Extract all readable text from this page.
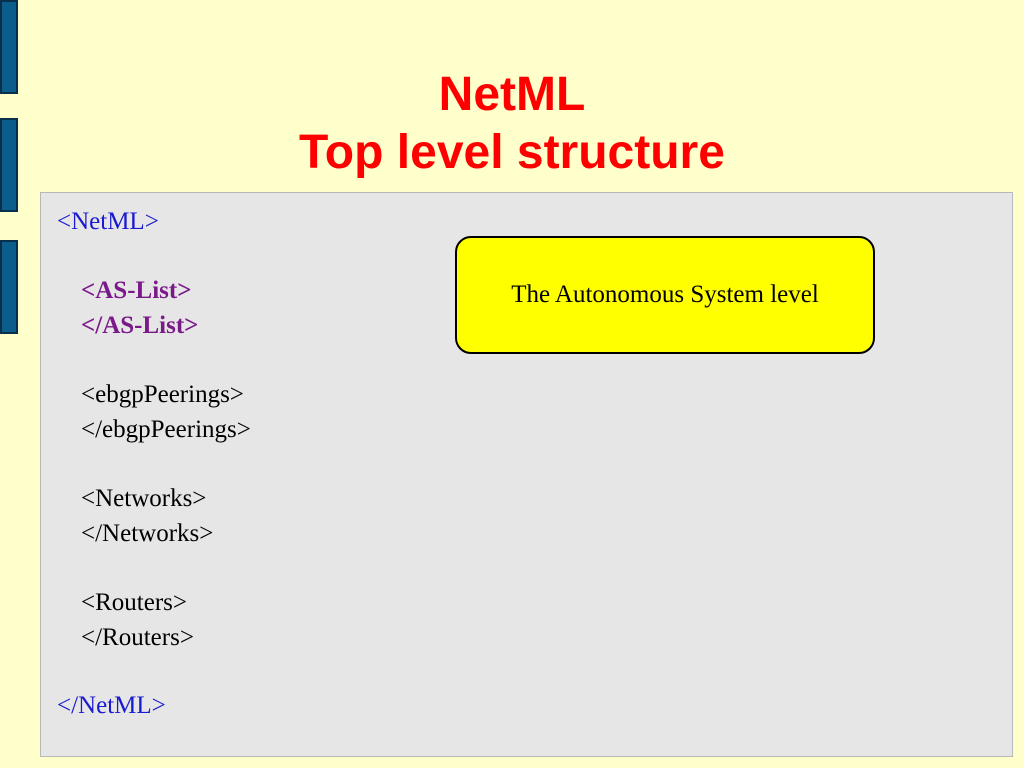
NetML
Top level structure
<NetML>
<AS-List>
</AS-List>
<ebgpPeerings>
</ebgpPeerings>
<Networks>
</Networks>
<Routers>
</Routers>
</NetML>
The Autonomous System level
